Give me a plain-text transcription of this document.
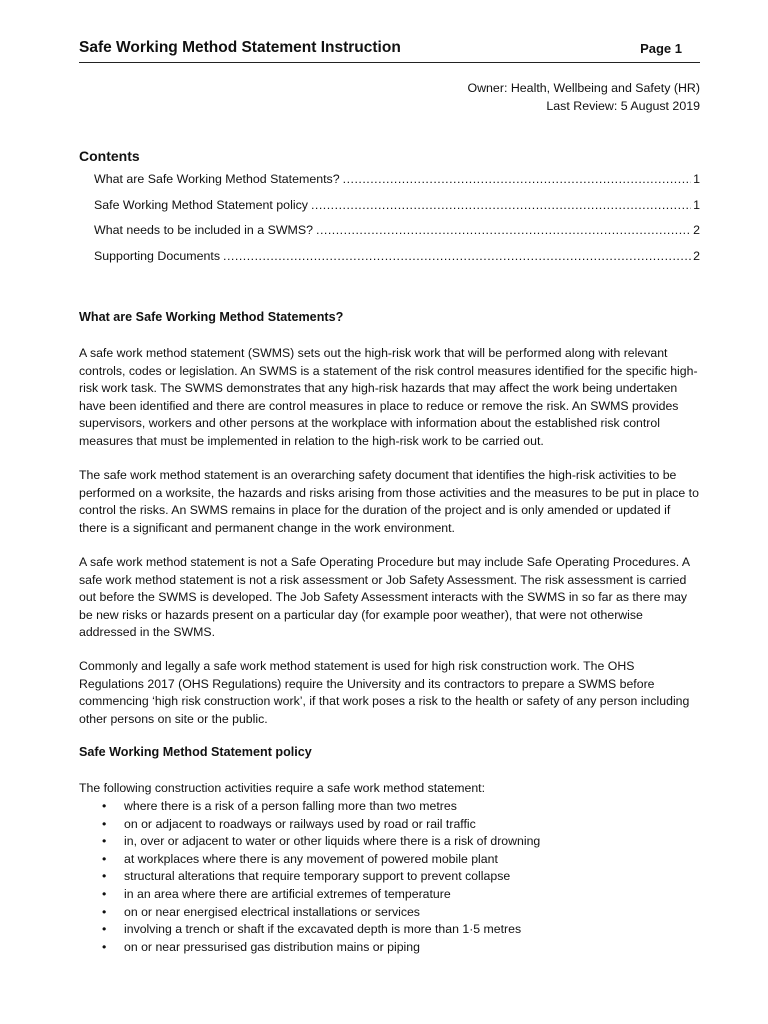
Safe Working Method Statement Instruction	Page 1
Owner: Health, Wellbeing and Safety (HR)
Last Review: 5 August 2019
Contents
What are Safe Working Method Statements? .....	1
Safe Working Method Statement policy .....	1
What needs to be included in a SWMS? .....	2
Supporting Documents .....	2
What are Safe Working Method Statements?

A safe work method statement (SWMS) sets out the high-risk work that will be performed along with relevant controls, codes or legislation. An SWMS is a statement of the risk control measures identified for the specific high-risk work task. The SWMS demonstrates that any high-risk hazards that may affect the work being undertaken have been identified and there are control measures in place to reduce or remove the risk. An SWMS provides supervisors, workers and other persons at the workplace with information about the established risk control measures that must be implemented in relation to the high-risk work to be carried out.

The safe work method statement is an overarching safety document that identifies the high-risk activities to be performed on a worksite, the hazards and risks arising from those activities and the measures to be put in place to control the risks. An SWMS remains in place for the duration of the project and is only amended or updated if there is a significant and permanent change in the work environment.

A safe work method statement is not a Safe Operating Procedure but may include Safe Operating Procedures. A safe work method statement is not a risk assessment or Job Safety Assessment. The risk assessment is carried out before the SWMS is developed. The Job Safety Assessment interacts with the SWMS in so far as there may be new risks or hazards present on a particular day (for example poor weather), that were not otherwise addressed in the SWMS.

Commonly and legally a safe work method statement is used for high risk construction work. The OHS Regulations 2017 (OHS Regulations) require the University and its contractors to prepare a SWMS before commencing ‘high risk construction work’, if that work poses a risk to the health or safety of any person including other persons on site or the public.

Safe Working Method Statement policy

The following construction activities require a safe work method statement:

• where there is a risk of a person falling more than two metres
• on or adjacent to roadways or railways used by road or rail traffic
• in, over or adjacent to water or other liquids where there is a risk of drowning
• at workplaces where there is any movement of powered mobile plant
• structural alterations that require temporary support to prevent collapse
• in an area where there are artificial extremes of temperature
• on or near energised electrical installations or services
• involving a trench or shaft if the excavated depth is more than 1·5 metres
• on or near pressurised gas distribution mains or piping
